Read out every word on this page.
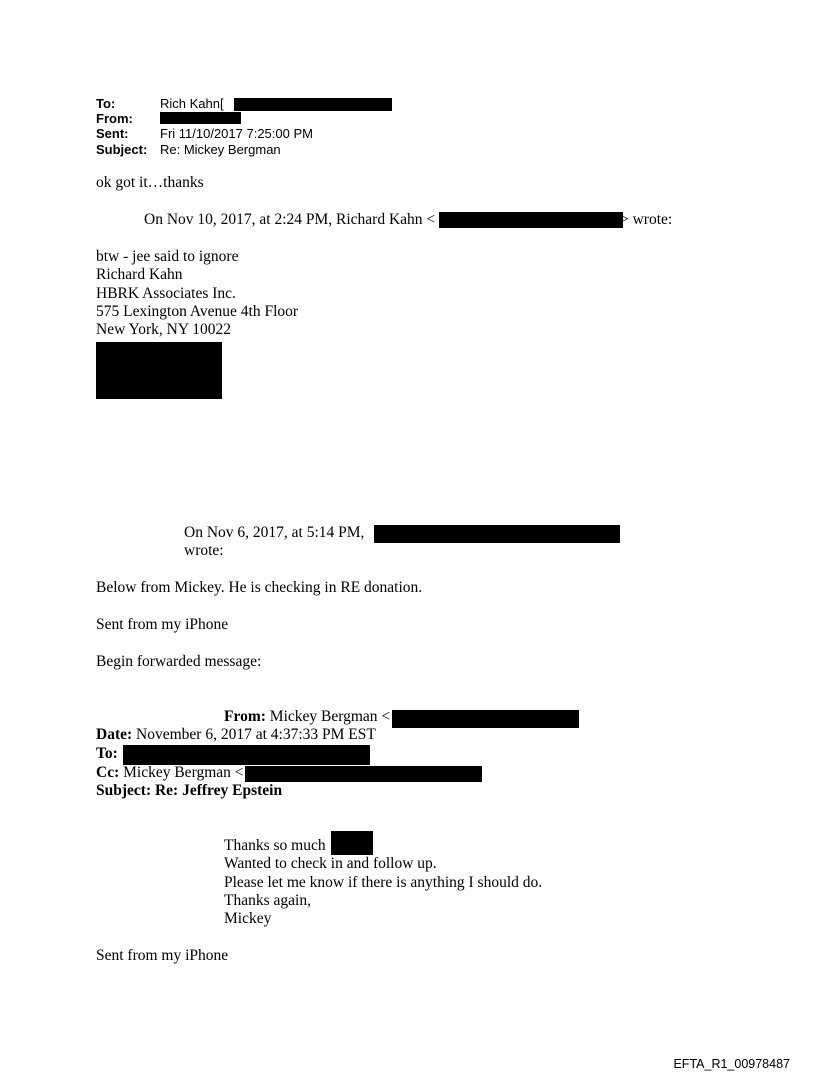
To:	Rich Kahn[
From:
Sent: Fri 11/10/2017 7:25:00 PM
Subject: Re: Mickey Bergman
ok got it…thanks
On Nov 10, 2017, at 2:24 PM, Richard Kahn <	> wrote:
btw - jee said to ignore
Richard Kahn
HBRK Associates Inc.
575 Lexington Avenue 4th Floor
New York, NY 10022
On Nov 6, 2017, at 5:14 PM,
wrote:
Below from Mickey. He is checking in RE donation.
Sent from my iPhone
Begin forwarded message:
From: Mickey Bergman <
Date: November 6, 2017 at 4:37:33 PM EST
To:
Cc: Mickey Bergman <
Subject: Re: Jeffrey Epstein
Thanks so much
Wanted to check in and follow up.
Please let me know if there is anything I should do.
Thanks again,
Mickey
Sent from my iPhone
EFTA_R1_00978487
